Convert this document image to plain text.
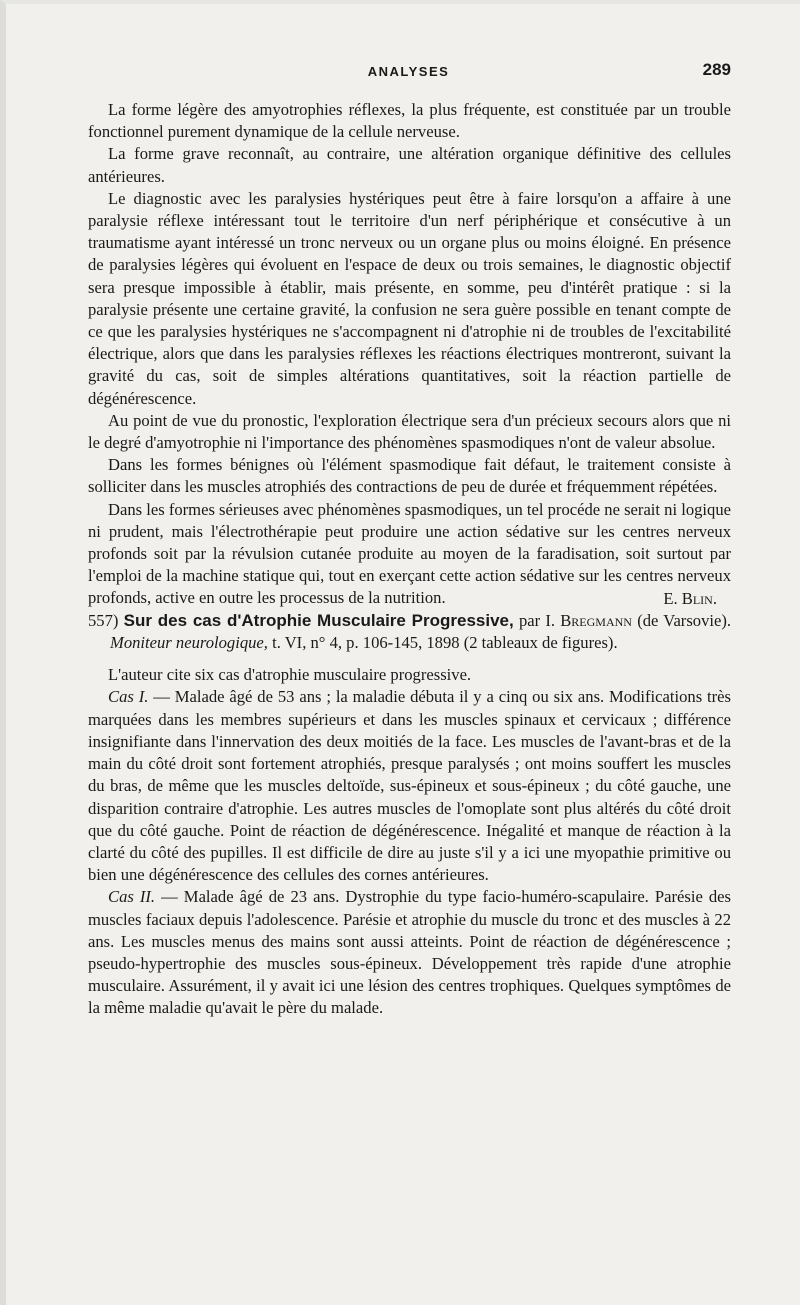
ANALYSES	289

La forme légère des amyotrophies réflexes, la plus fréquente, est constituée par un trouble fonctionnel purement dynamique de la cellule nerveuse.

La forme grave reconnaît, au contraire, une altération organique définitive des cellules antérieures.

Le diagnostic avec les paralysies hystériques peut être à faire lorsqu'on a affaire à une paralysie réflexe intéressant tout le territoire d'un nerf périphérique et consécutive à un traumatisme ayant intéressé un tronc nerveux ou un organe plus ou moins éloigné. En présence de paralysies légères qui évoluent en l'espace de deux ou trois semaines, le diagnostic objectif sera presque impossible à établir, mais présente, en somme, peu d'intérêt pratique : si la paralysie présente une certaine gravité, la confusion ne sera guère possible en tenant compte de ce que les paralysies hystériques ne s'accompagnent ni d'atrophie ni de troubles de l'excitabilité électrique, alors que dans les paralysies réflexes les réactions électriques montreront, suivant la gravité du cas, soit de simples altérations quantitatives, soit la réaction partielle de dégénérescence.

Au point de vue du pronostic, l'exploration électrique sera d'un précieux secours alors que ni le degré d'amyotrophie ni l'importance des phénomènes spasmodiques n'ont de valeur absolue.

Dans les formes bénignes où l'élément spasmodique fait défaut, le traitement consiste à solliciter dans les muscles atrophiés des contractions de peu de durée et fréquemment répétées.

Dans les formes sérieuses avec phénomènes spasmodiques, un tel procéde ne serait ni logique ni prudent, mais l'électrothérapie peut produire une action sédative sur les centres nerveux profonds soit par la révulsion cutanée produite au moyen de la faradisation, soit surtout par l'emploi de la machine statique qui, tout en exerçant cette action sédative sur les centres nerveux profonds, active en outre les processus de la nutrition.	E. Blin.

557) Sur des cas d'Atrophie Musculaire Progressive, par I. Bregmann (de Varsovie). Moniteur neurologique, t. VI, n° 4, p. 106-145, 1898 (2 tableaux de figures).

L'auteur cite six cas d'atrophie musculaire progressive.

Cas I. — Malade âgé de 53 ans ; la maladie débuta il y a cinq ou six ans. Modifications très marquées dans les membres supérieurs et dans les muscles spinaux et cervicaux ; différence insignifiante dans l'innervation des deux moitiés de la face. Les muscles de l'avant-bras et de la main du côté droit sont fortement atrophiés, presque paralysés ; ont moins souffert les muscles du bras, de même que les muscles deltoïde, sus-épineux et sous-épineux ; du côté gauche, une disparition contraire d'atrophie. Les autres muscles de l'omoplate sont plus altérés du côté droit que du côté gauche. Point de réaction de dégénérescence. Inégalité et manque de réaction à la clarté du côté des pupilles. Il est difficile de dire au juste s'il y a ici une myopathie primitive ou bien une dégénérescence des cellules des cornes antérieures.

Cas II. — Malade âgé de 23 ans. Dystrophie du type facio-huméro-scapulaire. Parésie des muscles faciaux depuis l'adolescence. Parésie et atrophie du muscle du tronc et des muscles à 22 ans. Les muscles menus des mains sont aussi atteints. Point de réaction de dégénérescence ; pseudo-hypertrophie des muscles sous-épineux. Développement très rapide d'une atrophie musculaire. Assurément, il y avait ici une lésion des centres trophiques. Quelques symptômes de la même maladie qu'avait le père du malade.
